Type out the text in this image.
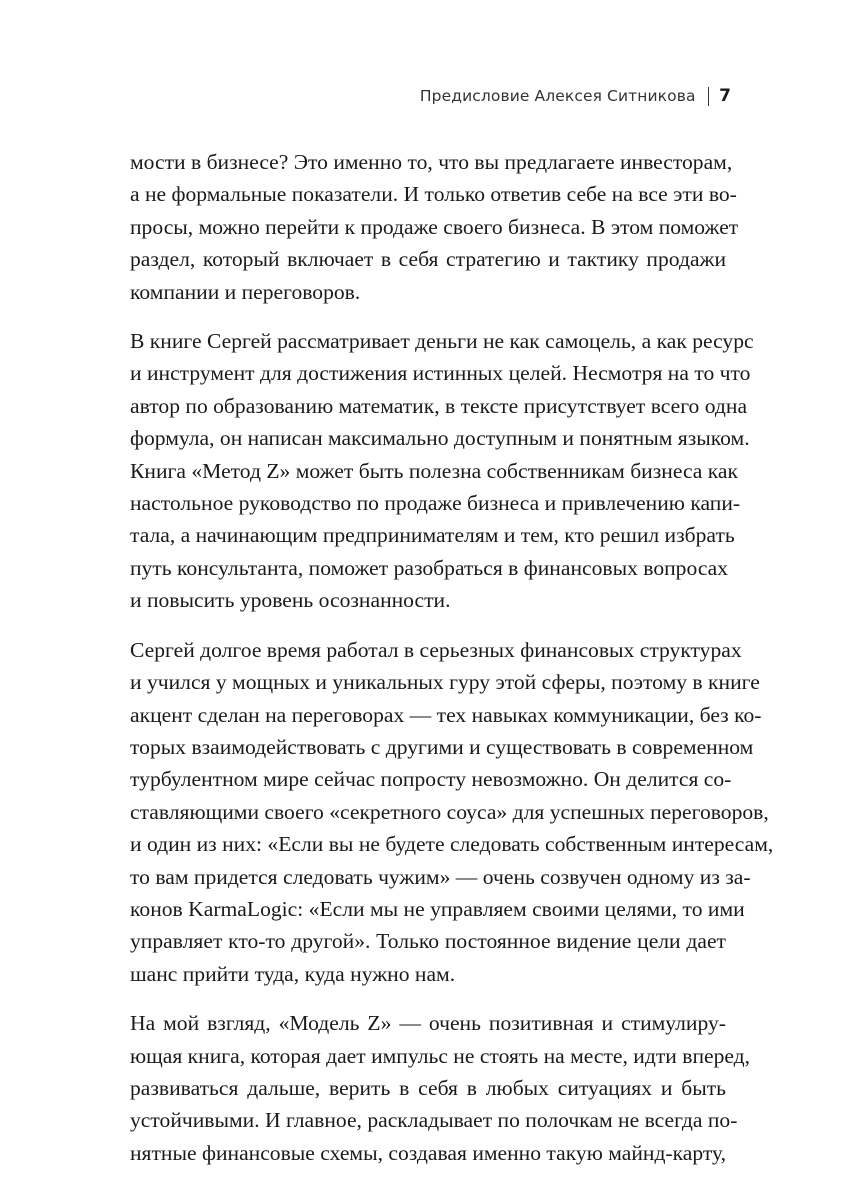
Предисловие Алексея Ситникова 7
мости в бизнесе? Это именно то, что вы предлагаете инвесторам,
а не формальные показатели. И только ответив себе на все эти во-
просы, можно перейти к продаже своего бизнеса. В этом поможет
раздел, который включает в себя стратегию и тактику продажи
компании и переговоров.
В книге Сергей рассматривает деньги не как самоцель, а как ресурс
и инструмент для достижения истинных целей. Несмотря на то что
автор по образованию математик, в тексте присутствует всего одна
формула, он написан максимально доступным и понятным языком.
Книга «Метод Z» может быть полезна собственникам бизнеса как
настольное руководство по продаже бизнеса и привлечению капи-
тала, а начинающим предпринимателям и тем, кто решил избрать
путь консультанта, поможет разобраться в финансовых вопросах
и повысить уровень осознанности.
Сергей долгое время работал в серьезных финансовых структурах
и учился у мощных и уникальных гуру этой сферы, поэтому в книге
акцент сделан на переговорах — тех навыках коммуникации, без ко-
торых взаимодействовать с другими и существовать в современном
турбулентном мире сейчас попросту невозможно. Он делится со-
ставляющими своего «секретного соуса» для успешных переговоров,
и один из них: «Если вы не будете следовать собственным интересам,
то вам придется следовать чужим» — очень созвучен одному из за-
конов KarmaLogic: «Если мы не управляем своими целями, то ими
управляет кто-то другой». Только постоянное видение цели дает
шанс прийти туда, куда нужно нам.
На мой взгляд, «Модель Z» — очень позитивная и стимулиру-
ющая книга, которая дает импульс не стоять на месте, идти вперед,
развиваться дальше, верить в себя в любых ситуациях и быть
устойчивыми. И главное, раскладывает по полочкам не всегда по-
нятные финансовые схемы, создавая именно такую майнд-карту,
